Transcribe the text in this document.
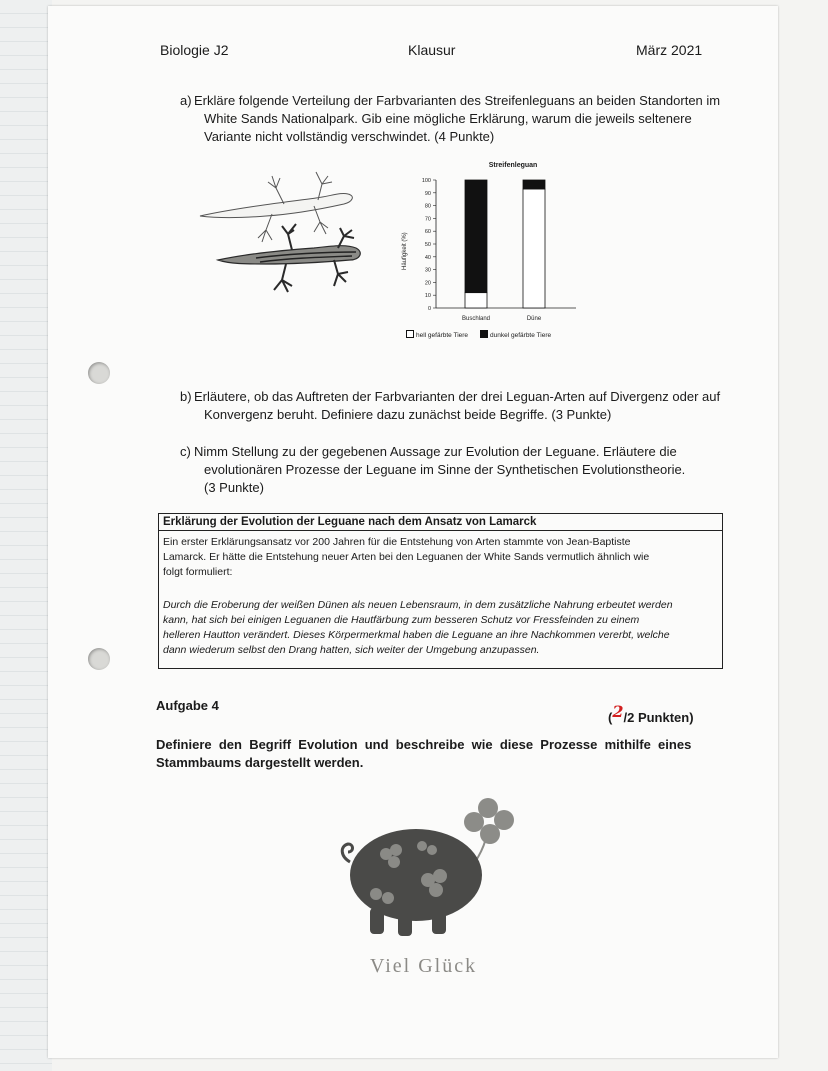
Biologie J2	Klausur	März 2021
a) Erkläre folgende Verteilung der Farbvarianten des Streifenleguans an beiden Standorten im
White Sands Nationalpark. Gib eine mögliche Erklärung, warum die jeweils seltenere
Variante nicht vollständig verschwindet. (4 Punkte)
Streifenleguan
Häufigkeit (%)
0
10
20
30
40
50
60
70
80
90
100
Buschland	Düne
hell gefärbte Tiere	dunkel gefärbte Tiere
b) Erläutere, ob das Auftreten der Farbvarianten der drei Leguan-Arten auf Divergenz oder auf
Konvergenz beruht. Definiere dazu zunächst beide Begriffe. (3 Punkte)
c) Nimm Stellung zu der gegebenen Aussage zur Evolution der Leguane. Erläutere die
evolutionären Prozesse der Leguane im Sinne der Synthetischen Evolutionstheorie.
(3 Punkte)
Erklärung der Evolution der Leguane nach dem Ansatz von Lamarck
Ein erster Erklärungsansatz vor 200 Jahren für die Entstehung von Arten stammte von Jean-Baptiste
Lamarck. Er hätte die Entstehung neuer Arten bei den Leguanen der White Sands vermutlich ähnlich wie
folgt formuliert:
Durch die Eroberung der weißen Dünen als neuen Lebensraum, in dem zusätzliche Nahrung erbeutet werden
kann, hat sich bei einigen Leguanen die Hautfärbung zum besseren Schutz vor Fressfeinden zu einem
helleren Hautton verändert. Dieses Körpermerkmal haben die Leguane an ihre Nachkommen vererbt, welche
dann wiederum selbst den Drang hatten, sich weiter der Umgebung anzupassen.
Aufgabe 4
( 2 /2 Punkten)
Definiere  den  Begriff  Evolution  und  beschreibe  wie  diese  Prozesse  mithilfe  eines
Stammbaums dargestellt werden.
Viel Glück
